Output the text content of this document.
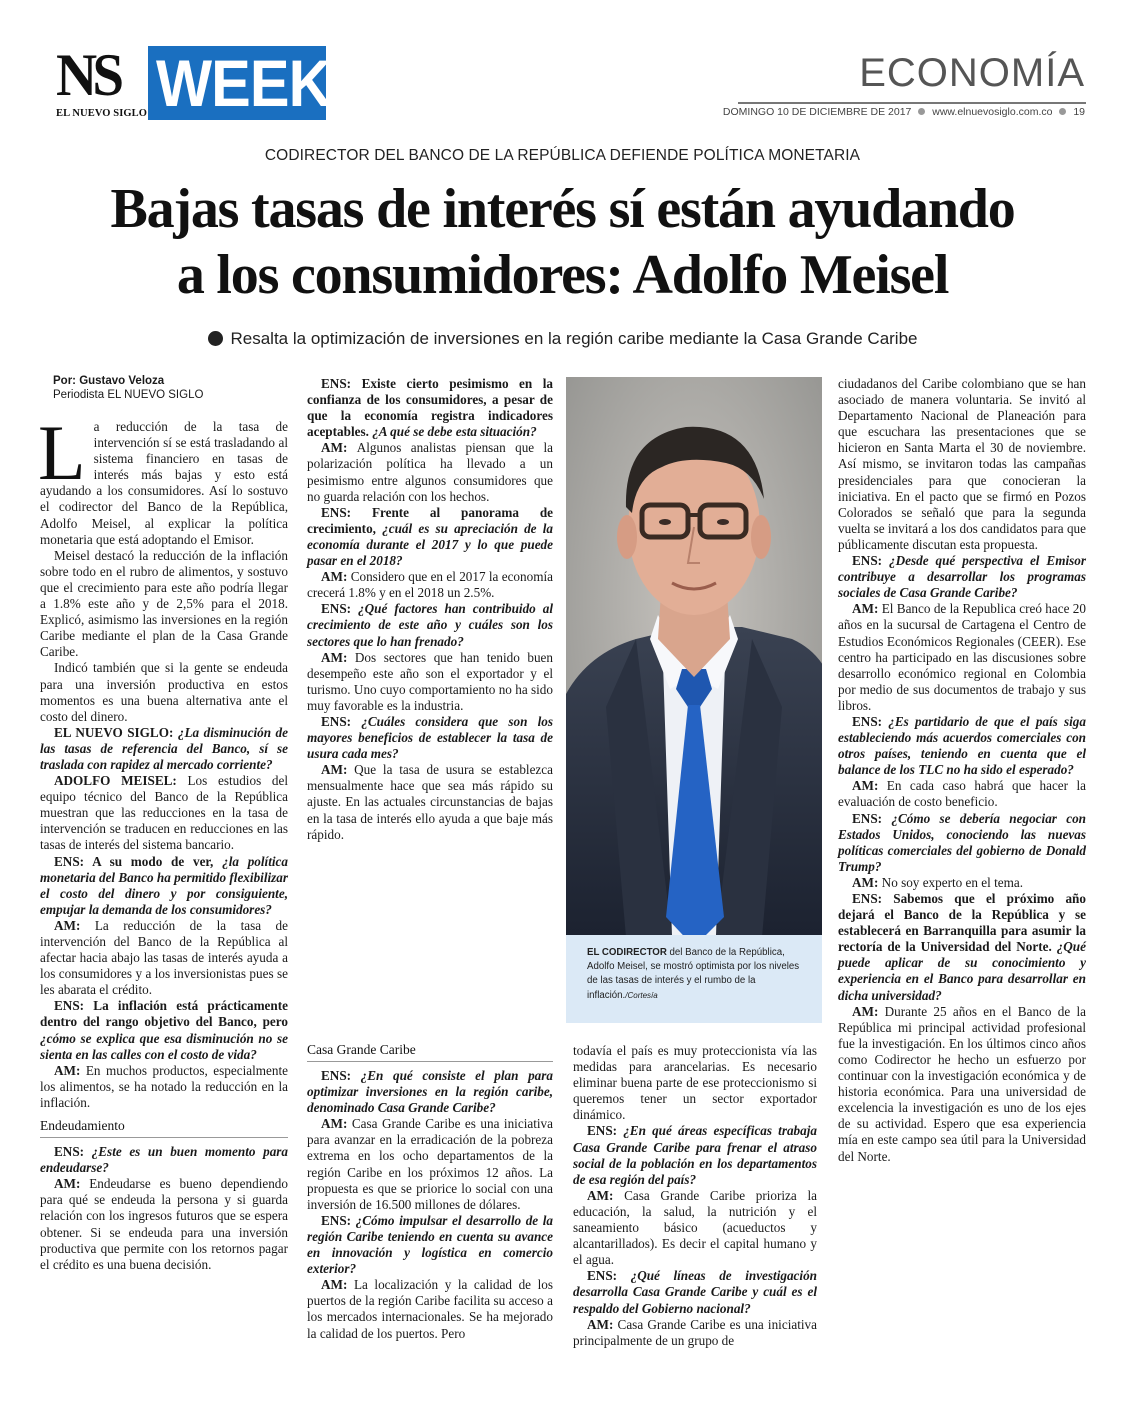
NS
EL NUEVO SIGLO WEEK	ECONOMÍA
DOMINGO 10 DE DICIEMBRE DE 2017 www.elnuevosiglo.com.co 19
CODIRECTOR DEL BANCO DE LA REPÚBLICA DEFIENDE POLÍTICA MONETARIA
Bajas tasas de interés sí están ayudando
a los consumidores: Adolfo Meisel
Resalta la optimización de inversiones en la región caribe mediante la Casa Grande Caribe
Por: Gustavo Veloza
Periodista EL NUEVO SIGLO

La reducción de la tasa de intervención sí se está trasladando al sistema financiero en tasas de interés más bajas y esto está ayudando a los consumidores. Así lo sostuvo el codirector del Banco de la República, Adolfo Meisel, al explicar la política monetaria que está adoptando el Emisor.

Meisel destacó la reducción de la inflación sobre todo en el rubro de alimentos, y sostuvo que el crecimiento para este año podría llegar a 1.8% este año y de 2,5% para el 2018. Explicó, asimismo las inversiones en la región Caribe mediante el plan de la Casa Grande Caribe.

Indicó también que si la gente se endeuda para una inversión productiva en estos momentos es una buena alternativa ante el costo del dinero.

EL NUEVO SIGLO: ¿La disminución de las tasas de referencia del Banco, sí se traslada con rapidez al mercado corriente?

ADOLFO MEISEL: Los estudios del equipo técnico del Banco de la República muestran que las reducciones en la tasa de intervención se traducen en reducciones en las tasas de interés del sistema bancario.

ENS: A su modo de ver, ¿la política monetaria del Banco ha permitido flexibilizar el costo del dinero y por consiguiente, empujar la demanda de los consumidores?

AM: La reducción de la tasa de intervención del Banco de la República al afectar hacia abajo las tasas de interés ayuda a los consumidores y a los inversionistas pues se les abarata el crédito.

ENS: La inflación está prácticamente dentro del rango objetivo del Banco, pero ¿cómo se explica que esa disminución no se sienta en las calles con el costo de vida?

AM: En muchos productos, especialmente los alimentos, se ha notado la reducción en la inflación.

Endeudamiento

ENS: ¿Este es un buen momento para endeudarse?

AM: Endeudarse es bueno dependiendo para qué se endeuda la persona y si guarda relación con los ingresos futuros que se espera obtener. Si se endeuda para una inversión productiva que permite con los retornos pagar el crédito es una buena decisión.

ENS: Existe cierto pesimismo en la confianza de los consumidores, a pesar de que la economía registra indicadores aceptables. ¿A qué se debe esta situación?

AM: Algunos analistas piensan que la polarización política ha llevado a un pesimismo entre algunos consumidores que no guarda relación con los hechos.

ENS: Frente al panorama de crecimiento, ¿cuál es su apreciación de la economía durante el 2017 y lo que puede pasar en el 2018?

AM: Considero que en el 2017 la economía crecerá 1.8% y en el 2018 un 2.5%.

ENS: ¿Qué factores han contribuido al crecimiento de este año y cuáles son los sectores que lo han frenado?

AM: Dos sectores que han tenido buen desempeño este año son el exportador y el turismo. Uno cuyo comportamiento no ha sido muy favorable es la industria.

ENS: ¿Cuáles considera que son los mayores beneficios de establecer la tasa de usura cada mes?

AM: Que la tasa de usura se establezca mensualmente hace que sea más rápido su ajuste. En las actuales circunstancias de bajas en la tasa de interés ello ayuda a que baje más rápido.

EL CODIRECTOR del Banco de la República, Adolfo Meisel, se mostró optimista por los niveles de las tasas de interés y el rumbo de la inflación./Cortesía
Casa Grande Caribe

ENS: ¿En qué consiste el plan para optimizar inversiones en la región caribe, denominado Casa Grande Caribe?

AM: Casa Grande Caribe es una iniciativa para avanzar en la erradicación de la pobreza extrema en los ocho departamentos de la región Caribe en los próximos 12 años. La propuesta es que se priorice lo social con una inversión de 16.500 millones de dólares.

ENS: ¿Cómo impulsar el desarrollo de la región Caribe teniendo en cuenta su avance en innovación y logística en comercio exterior?

AM: La localización y la calidad de los puertos de la región Caribe facilita su acceso a los mercados internacionales. Se ha mejorado la calidad de los puertos. Pero

todavía el país es muy proteccionista vía las medidas para arancelarias. Es necesario eliminar buena parte de ese proteccionismo si queremos tener un sector exportador dinámico.

ENS: ¿En qué áreas específicas trabaja Casa Grande Caribe para frenar el atraso social de la población en los departamentos de esa región del país?

AM: Casa Grande Caribe prioriza la educación, la salud, la nutrición y el saneamiento básico (acueductos y alcantarillados). Es decir el capital humano y el agua.

ENS: ¿Qué líneas de investigación desarrolla Casa Grande Caribe y cuál es el respaldo del Gobierno nacional?

AM: Casa Grande Caribe es una iniciativa principalmente de un grupo de

ciudadanos del Caribe colombiano que se han asociado de manera voluntaria. Se invitó al Departamento Nacional de Planeación para que escuchara las presentaciones que se hicieron en Santa Marta el 30 de noviembre. Así mismo, se invitaron todas las campañas presidenciales para que conocieran la iniciativa. En el pacto que se firmó en Pozos Colorados se señaló que para la segunda vuelta se invitará a los dos candidatos para que públicamente discutan esta propuesta.

ENS: ¿Desde qué perspectiva el Emisor contribuye a desarrollar los programas sociales de Casa Grande Caribe?

AM: El Banco de la Republica creó hace 20 años en la sucursal de Cartagena el Centro de Estudios Económicos Regionales (CEER). Ese centro ha participado en las discusiones sobre desarrollo económico regional en Colombia por medio de sus documentos de trabajo y sus libros.

ENS: ¿Es partidario de que el país siga estableciendo más acuerdos comerciales con otros países, teniendo en cuenta que el balance de los TLC no ha sido el esperado?

AM: En cada caso habrá que hacer la evaluación de costo beneficio.

ENS: ¿Cómo se debería negociar con Estados Unidos, conociendo las nuevas políticas comerciales del gobierno de Donald Trump?

AM: No soy experto en el tema.

ENS: Sabemos que el próximo año dejará el Banco de la República y se establecerá en Barranquilla para asumir la rectoría de la Universidad del Norte. ¿Qué puede aplicar de su conocimiento y experiencia en el Banco para desarrollar en dicha universidad?

AM: Durante 25 años en el Banco de la República mi principal actividad profesional fue la investigación. En los últimos cinco años como Codirector he hecho un esfuerzo por continuar con la investigación económica y de historia económica. Para una universidad de excelencia la investigación es uno de los ejes de su actividad. Espero que esa experiencia mía en este campo sea útil para la Universidad del Norte.
